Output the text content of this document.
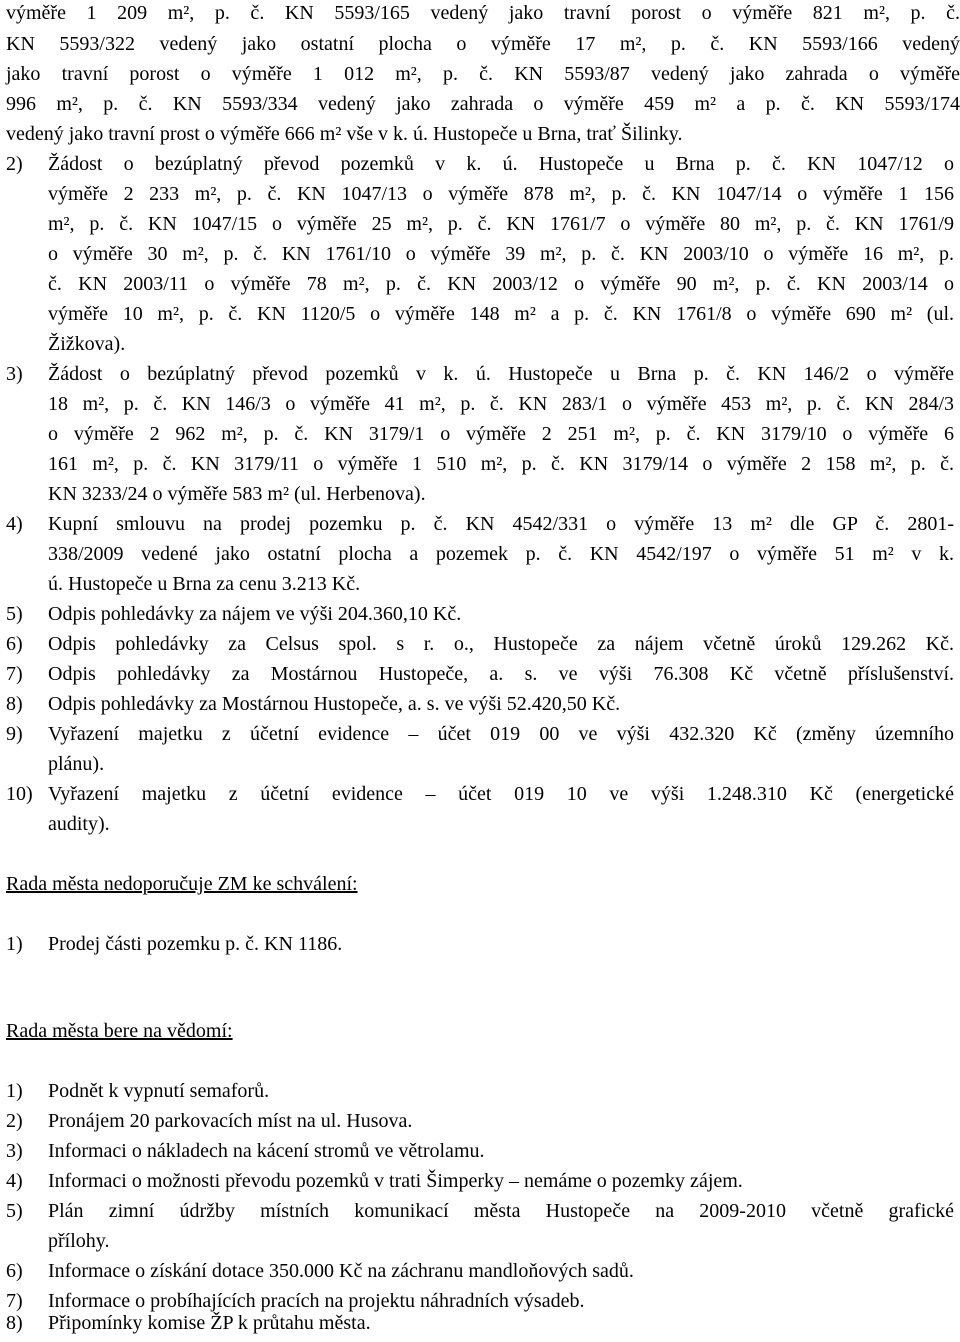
výměře 1 209 m², p. č. KN 5593/165 vedený jako travní porost o výměře 821 m², p. č.
KN 5593/322 vedený jako ostatní plocha o výměře 17 m², p. č. KN 5593/166 vedený
jako travní porost o výměře 1 012 m², p. č. KN 5593/87 vedený jako zahrada o výměře
996 m², p. č. KN 5593/334 vedený jako zahrada o výměře 459 m² a p. č. KN 5593/174
vedený jako travní prost o výměře 666 m² vše v k. ú. Hustopeče u Brna, trať Šilinky.
2) Žádost o bezúplatný převod pozemků v k. ú. Hustopeče u Brna p. č. KN 1047/12 o
výměře 2 233 m², p. č. KN 1047/13 o výměře 878 m², p. č. KN 1047/14 o výměře 1 156
m², p. č. KN 1047/15 o výměře 25 m², p. č. KN 1761/7 o výměře 80 m², p. č. KN 1761/9
o výměře 30 m², p. č. KN 1761/10 o výměře 39 m², p. č. KN 2003/10 o výměře 16 m², p.
č. KN 2003/11 o výměře 78 m², p. č. KN 2003/12 o výměře 90 m², p. č. KN 2003/14 o
výměře 10 m², p. č. KN 1120/5 o výměře 148 m² a p. č. KN 1761/8 o výměře 690 m² (ul.
Žižkova).
3) Žádost o bezúplatný převod pozemků v k. ú. Hustopeče u Brna p. č. KN 146/2 o výměře
18 m², p. č. KN 146/3 o výměře 41 m², p. č. KN 283/1 o výměře 453 m², p. č. KN 284/3
o výměře 2 962 m², p. č. KN 3179/1 o výměře 2 251 m², p. č. KN 3179/10 o výměře 6
161 m², p. č. KN 3179/11 o výměře 1 510 m², p. č. KN 3179/14 o výměře 2 158 m², p. č.
KN 3233/24 o výměře 583 m² (ul. Herbenova).
4) Kupní smlouvu na prodej pozemku p. č. KN 4542/331 o výměře 13 m² dle GP č. 2801-
338/2009 vedené jako ostatní plocha a pozemek p. č. KN 4542/197 o výměře 51 m² v k.
ú. Hustopeče u Brna za cenu 3.213 Kč.
5) Odpis pohledávky za nájem ve výši 204.360,10 Kč.
6) Odpis pohledávky za Celsus spol. s r. o., Hustopeče za nájem včetně úroků 129.262 Kč.
7) Odpis pohledávky za Mostárnou Hustopeče, a. s. ve výši 76.308 Kč včetně příslušenství.
8) Odpis pohledávky za Mostárnou Hustopeče, a. s. ve výši 52.420,50 Kč.
9) Vyřazení majetku z účetní evidence – účet 019 00 ve výši 432.320 Kč (změny územního
plánu).
10) Vyřazení majetku z účetní evidence – účet 019 10 ve výši 1.248.310 Kč (energetické
audity).
Rada města nedoporučuje ZM ke schválení:
1) Prodej části pozemku p. č. KN 1186.
Rada města bere na vědomí:
1) Podnět k vypnutí semaforů.
2) Pronájem 20 parkovacích míst na ul. Husova.
3) Informaci o nákladech na kácení stromů ve větrolamu.
4) Informaci o možnosti převodu pozemků v trati Šimperky – nemáme o pozemky zájem.
5) Plán zimní údržby místních komunikací města Hustopeče na 2009-2010 včetně grafické
přílohy.
6) Informace o získání dotace 350.000 Kč na záchranu mandloňových sadů.
7) Informace o probíhajících pracích na projektu náhradních výsadeb.
8) Připomínky komise ŽP k průtahu města.
